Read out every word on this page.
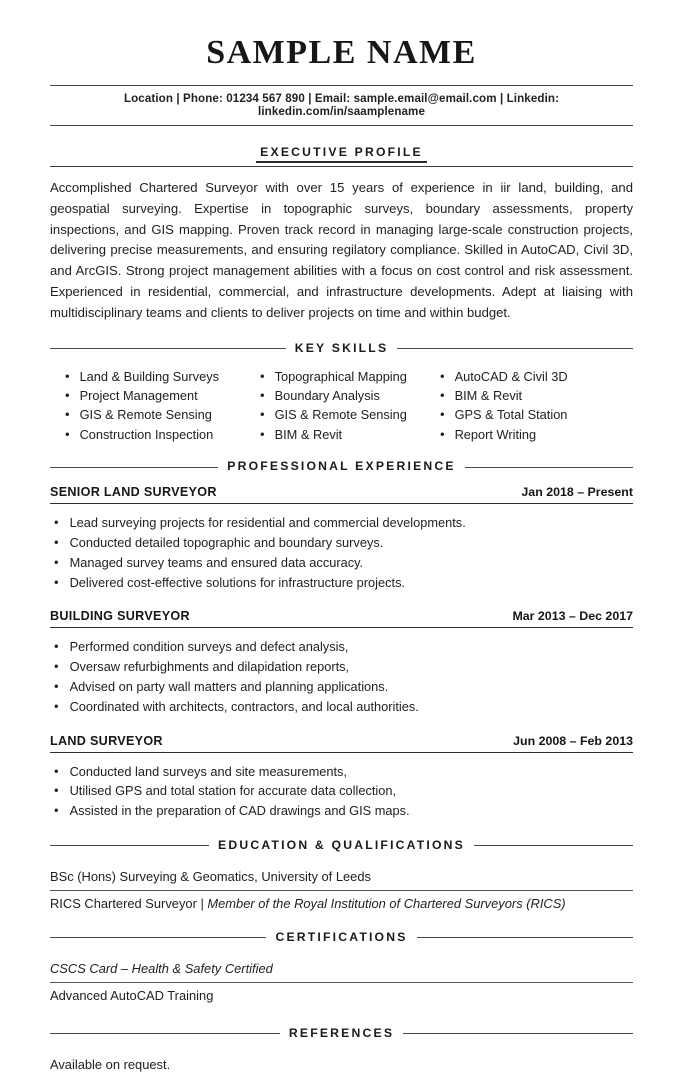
SAMPLE NAME
Location | Phone: 01234 567 890 | Email: sample.email@email.com | Linkedin: linkedin.com/in/saamplename
EXECUTIVE PROFILE

Accomplished Chartered Surveyor with over 15 years of experience in iir land, building, and geospatial surveying. Expertise in topographic surveys, boundary assessments, property inspections, and GIS mapping. Proven track record in managing large-scale construction projects, delivering precise measurements, and ensuring regilatory compliance. Skilled in AutoCAD, Civil 3D, and ArcGIS. Strong project management abilities with a focus on cost control and risk assessment. Experienced in residential, commercial, and infrastructure developments. Adept at liaising with multidisciplinary teams and clients to deliver projects on time and within budget.

KEY SKILLS
• Land & Building Surveys
• Project Management
• GIS & Remote Sensing
• Construction Inspection
• Topographical Mapping
• Boundary Analysis
• GIS & Remote Sensing
• BIM & Revit
• AutoCAD & Civil 3D
• BIM & Revit
• GPS & Total Station
• Report Writing
PROFESSIONAL EXPERIENCE
SENIOR LAND SURVEYOR	Jan 2018 – Present
• Lead surveying projects for residential and commercial developments.
• Conducted detailed topographic and boundary surveys.
• Managed survey teams and ensured data accuracy.
• Delivered cost-effective solutions for infrastructure projects.
BUILDING SURVEYOR	Mar 2013 – Dec 2017
• Performed condition surveys and defect analysis,
• Oversaw refurbighments and dilapidation reports,
• Advised on party wall matters and planning applications.
• Coordinated with architects, contractors, and local authorities.
LAND SURVEYOR	Jun 2008 – Feb 2013
• Conducted land surveys and site measurements,
• Utilised GPS and total station for accurate data collection,
• Assisted in the preparation of CAD drawings and GIS maps.
EDUCATION & QUALIFICATIONS
BSc (Hons) Surveying & Geomatics, University of Leeds
RICS Chartered Surveyor | Member of the Royal Institution of Chartered Surveyors (RICS)
CERTIFICATIONS
CSCS Card – Health & Safety Certified
Advanced AutoCAD Training
REFERENCES
Available on request.
